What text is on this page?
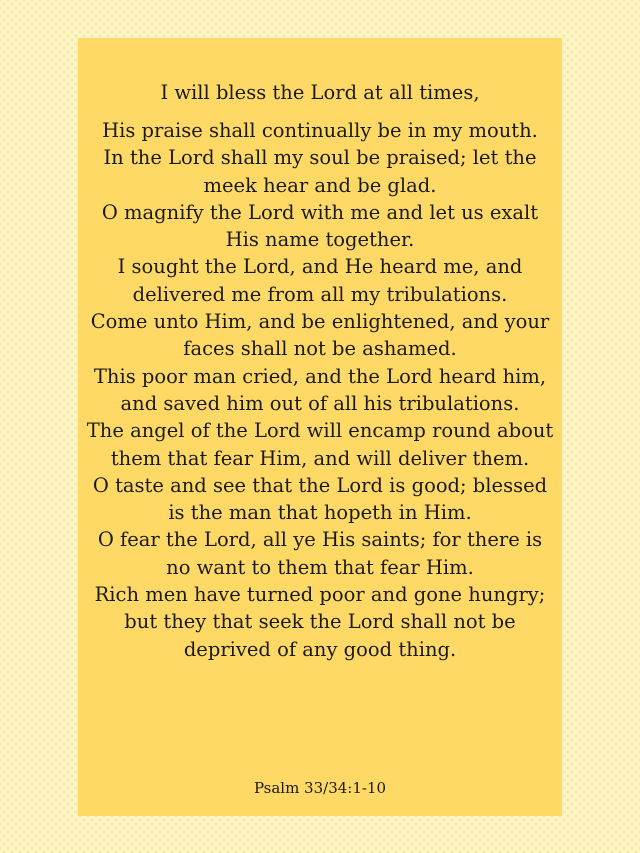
I will bless the Lord at all times,

His praise shall continually be in my mouth.
In the Lord shall my soul be praised; let the meek hear and be glad.
O magnify the Lord with me and let us exalt His name together.
I sought the Lord, and He heard me, and delivered me from all my tribulations.
Come unto Him, and be enlightened, and your faces shall not be ashamed.
This poor man cried, and the Lord heard him, and saved him out of all his tribulations.
The angel of the Lord will encamp round about them that fear Him, and will deliver them.
O taste and see that the Lord is good; blessed is the man that hopeth in Him.
O fear the Lord, all ye His saints; for there is no want to them that fear Him.
Rich men have turned poor and gone hungry; but they that seek the Lord shall not be deprived of any good thing.
Psalm 33/34:1-10
